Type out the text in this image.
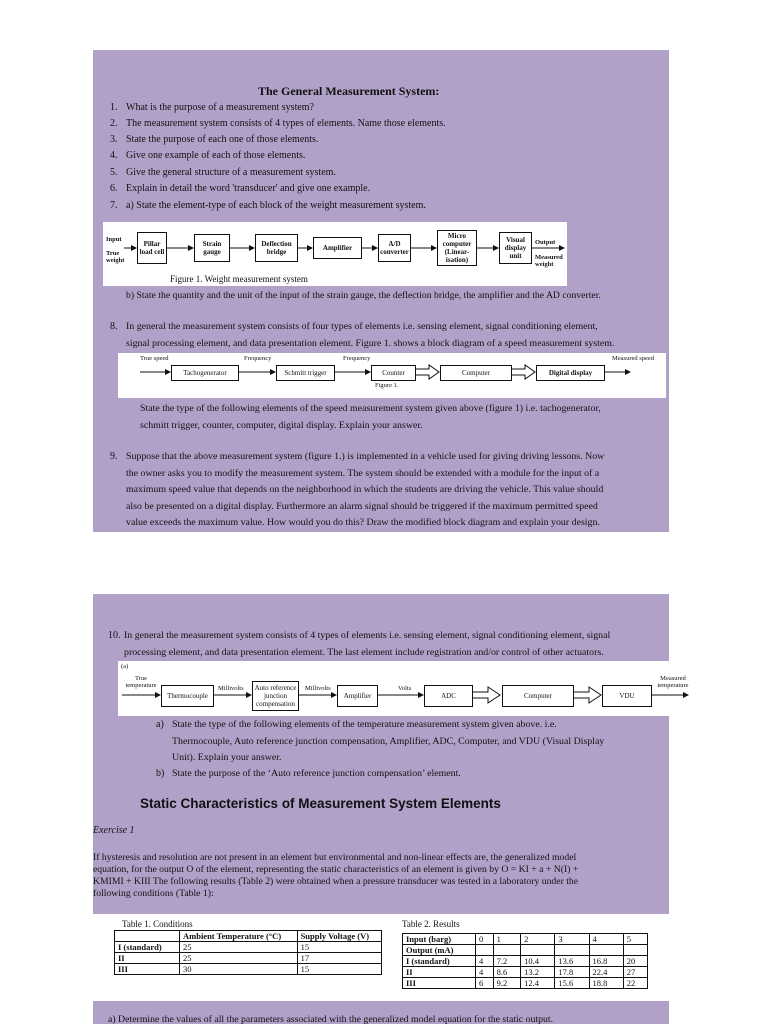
The General Measurement System:
1. What is the purpose of a measurement system?
2. The measurement system consists of 4 types of elements. Name those elements.
3. State the purpose of each one of those elements.
4. Give one example of each of those elements.
5. Give the general structure of a measurement system.
6. Explain in detail the word 'transducer' and give one example.
7. a) State the element-type of each block of the weight measurement system.
Input
True weight
Pillar load cell
Strain gauge
Deflection bridge	Amplifier	A/D converter
Micro computer (Linear-isation)
Visual display unit
Output
Measured weight
Figure 1. Weight measurement system
b) State the quantity and the unit of the input of the strain gauge, the deflection bridge, the amplifier and the AD converter.
8. In general the measurement system consists of four types of elements i.e. sensing element, signal conditioning element,
signal processing element, and data presentation element. Figure 1. shows a block diagram of a speed measurement system.
True speed	Frequency	Frequency	Measured speed
Tachogenerator	Schmitt trigger	Counter	Computer	Digital display
Figure 1.
State the type of the following elements of the speed measurement system given above (figure 1) i.e. tachogenerator,
schmitt trigger, counter, computer, digital display. Explain your answer.
9. Suppose that the above measurement system (figure 1.) is implemented in a vehicle used for giving driving lessons. Now
the owner asks you to modify the measurement system. The system should be extended with a module for the input of a
maximum speed value that depends on the neighborhood in which the students are driving the vehicle. This value should
also be presented on a digital display. Furthermore an alarm signal should be triggered if the maximum permitted speed
value exceeds the maximum value. How would you do this? Draw the modified block diagram and explain your design.
10. In general the measurement system consists of 4 types of elements i.e. sensing element, signal conditioning element, signal
processing element, and data presentation element. The last element include registration and/or control of other actuators.
(a)
True temperature	Millivolts	Millivolts	Volts
Thermocouple
Auto reference junction compensation
Amplifier	ADC	Computer	VDU
Measured temperature
a) State the type of the following elements of the temperature measurement system given above. i.e.
Thermocouple, Auto reference junction compensation, Amplifier, ADC, Computer, and VDU (Visual Display
Unit). Explain your answer.
b) State the purpose of the ‘Auto reference junction compensation’ element.
Static Characteristics of Measurement System Elements
Exercise 1
If hysteresis and resolution are not present in an element but environmental and non-linear effects are, the generalized model
equation, for the output O of the element, representing the static characteristics of an element is given by O = KI + a + N(I) +
KMIMI + KIII The following results (Table 2) were obtained when a pressure transducer was tested in a laboratory under the
following conditions (Table 1):
Table 1. Conditions
	Ambient Temperature (°C)	Supply Voltage (V)
I (standard)	25	15
II	25	17
III	30	15
Table 2. Results
Input (barg)	0	1	2	3	4	5
Output (mA)						
I (standard)	4	7.2	10.4	13.6	16.8	20
II	4	8.6	13.2	17.8	22.4	27
III	6	9.2	12.4	15.6	18.8	22
a) Determine the values of all the parameters associated with the generalized model equation for the static output.
